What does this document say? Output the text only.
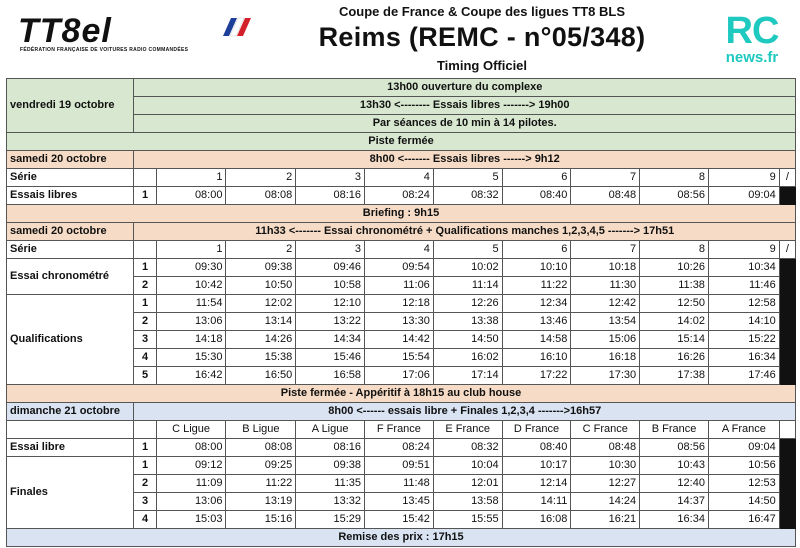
TT8el
FÉDÉRATION FRANÇAISE DE VOITURES RADIO COMMANDÉES
Coupe de France & Coupe des ligues TT8 BLS
Reims (REMC - n°05/348)
Timing Officiel
RC
news.fr
vendredi 19 octobre	13h00 ouverture du complexe										
	13h30 <-------- Essais libres -------> 19h00										
	Par séances de 10 min à 14 pilotes.										
Piste fermée											
samedi 20 octobre	8h00 <------- Essais libres ------> 9h12										
Série		1	2	3	4	5	6	7	8	9	/
Essais libres	1	08:00	08:08	08:16	08:24	08:32	08:40	08:48	08:56	09:04	
Briefing : 9h15											
samedi 20 octobre	11h33 <------- Essai chronométré + Qualifications manches 1,2,3,4,5 -------> 17h51										
Série		1	2	3	4	5	6	7	8	9	/
Essai chronométré	1	09:30	09:38	09:46	09:54	10:02	10:10	10:18	10:26	10:34	
	2	10:42	10:50	10:58	11:06	11:14	11:22	11:30	11:38	11:46	
Qualifications	1	11:54	12:02	12:10	12:18	12:26	12:34	12:42	12:50	12:58	
	2	13:06	13:14	13:22	13:30	13:38	13:46	13:54	14:02	14:10	
	3	14:18	14:26	14:34	14:42	14:50	14:58	15:06	15:14	15:22	
	4	15:30	15:38	15:46	15:54	16:02	16:10	16:18	16:26	16:34	
	5	16:42	16:50	16:58	17:06	17:14	17:22	17:30	17:38	17:46	
Piste fermée - Appéritif à 18h15 au club house											
dimanche 21 octobre	8h00 <------ essais libre + Finales 1,2,3,4 ------->16h57										
		C Ligue	B Ligue	A Ligue	F France	E France	D France	C France	B France	A France	
Essai libre	1	08:00	08:08	08:16	08:24	08:32	08:40	08:48	08:56	09:04	
Finales	1	09:12	09:25	09:38	09:51	10:04	10:17	10:30	10:43	10:56	
	2	11:09	11:22	11:35	11:48	12:01	12:14	12:27	12:40	12:53	
	3	13:06	13:19	13:32	13:45	13:58	14:11	14:24	14:37	14:50	
	4	15:03	15:16	15:29	15:42	15:55	16:08	16:21	16:34	16:47	
Remise des prix : 17h15											
